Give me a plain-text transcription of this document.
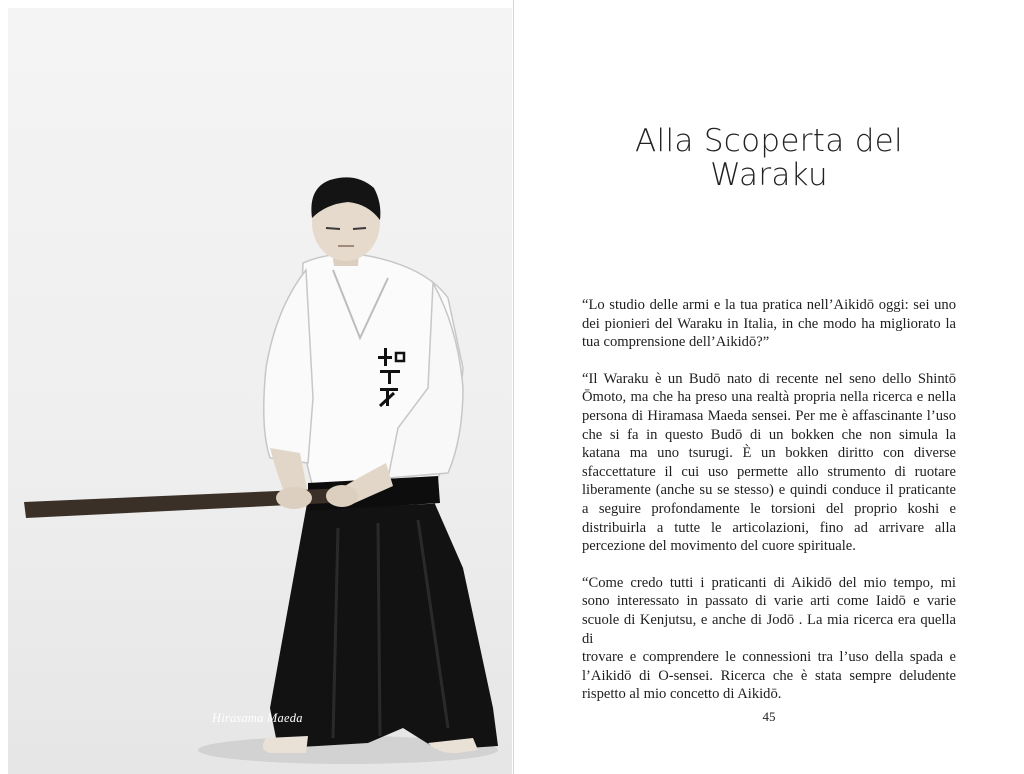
Hirasama Maeda
Alla Scoperta del
Waraku

“Lo studio delle armi e la tua pratica nell’Aikidō oggi: sei uno
dei pionieri del Waraku in Italia, in che modo ha migliorato la
tua comprensione dell’Aikidō?”

“Il Waraku è un Budō nato di recente nel seno dello Shintō
Ōmoto, ma che ha preso una realtà propria nella ricerca e nella
persona di Hiramasa Maeda sensei. Per me è affascinante l’uso
che si fa in questo Budō di un bokken che non simula la
katana ma uno tsurugi. È un bokken diritto con diverse
sfaccettature il cui uso permette allo strumento di ruotare
liberamente (anche su se stesso) e quindi conduce il praticante
a seguire profondamente le torsioni del proprio koshi e
distribuirla a tutte le articolazioni, fino ad arrivare alla
percezione del movimento del cuore spirituale.

“Come credo tutti i praticanti di Aikidō del mio tempo, mi
sono interessato in passato di varie arti come Iaidō e varie
scuole di Kenjutsu, e anche di Jodō . La mia ricerca era quella di
trovare e comprendere le connessioni tra l’uso della spada e
l’Aikidō di O-sensei. Ricerca che è stata sempre deludente
rispetto al mio concetto di Aikidō.

45
